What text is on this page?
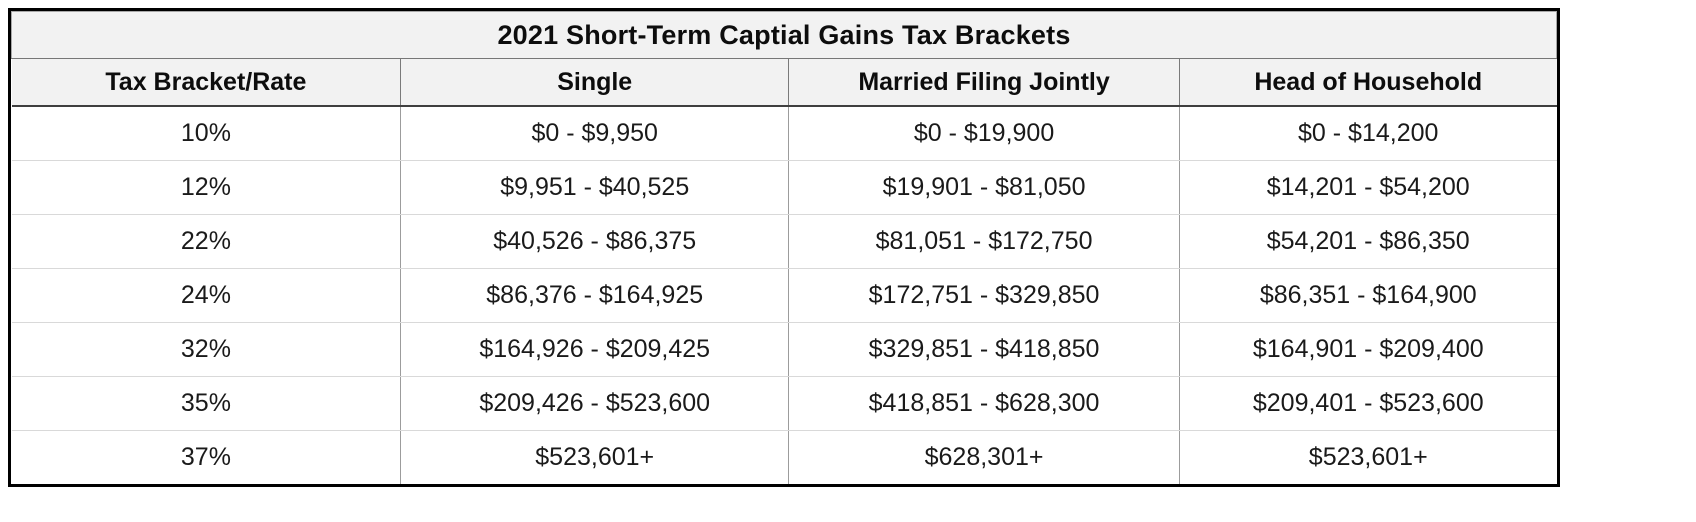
2021 Short-Term Captial Gains Tax Brackets			
Tax Bracket/Rate	Single	Married Filing Jointly	Head of Household
10%	$0 - $9,950	$0 - $19,900	$0 - $14,200
12%	$9,951 - $40,525	$19,901 - $81,050	$14,201 - $54,200
22%	$40,526 - $86,375	$81,051 - $172,750	$54,201 - $86,350
24%	$86,376 - $164,925	$172,751 - $329,850	$86,351 - $164,900
32%	$164,926 - $209,425	$329,851 - $418,850	$164,901 - $209,400
35%	$209,426 - $523,600	$418,851 - $628,300	$209,401 - $523,600
37%	$523,601+	$628,301+	$523,601+
